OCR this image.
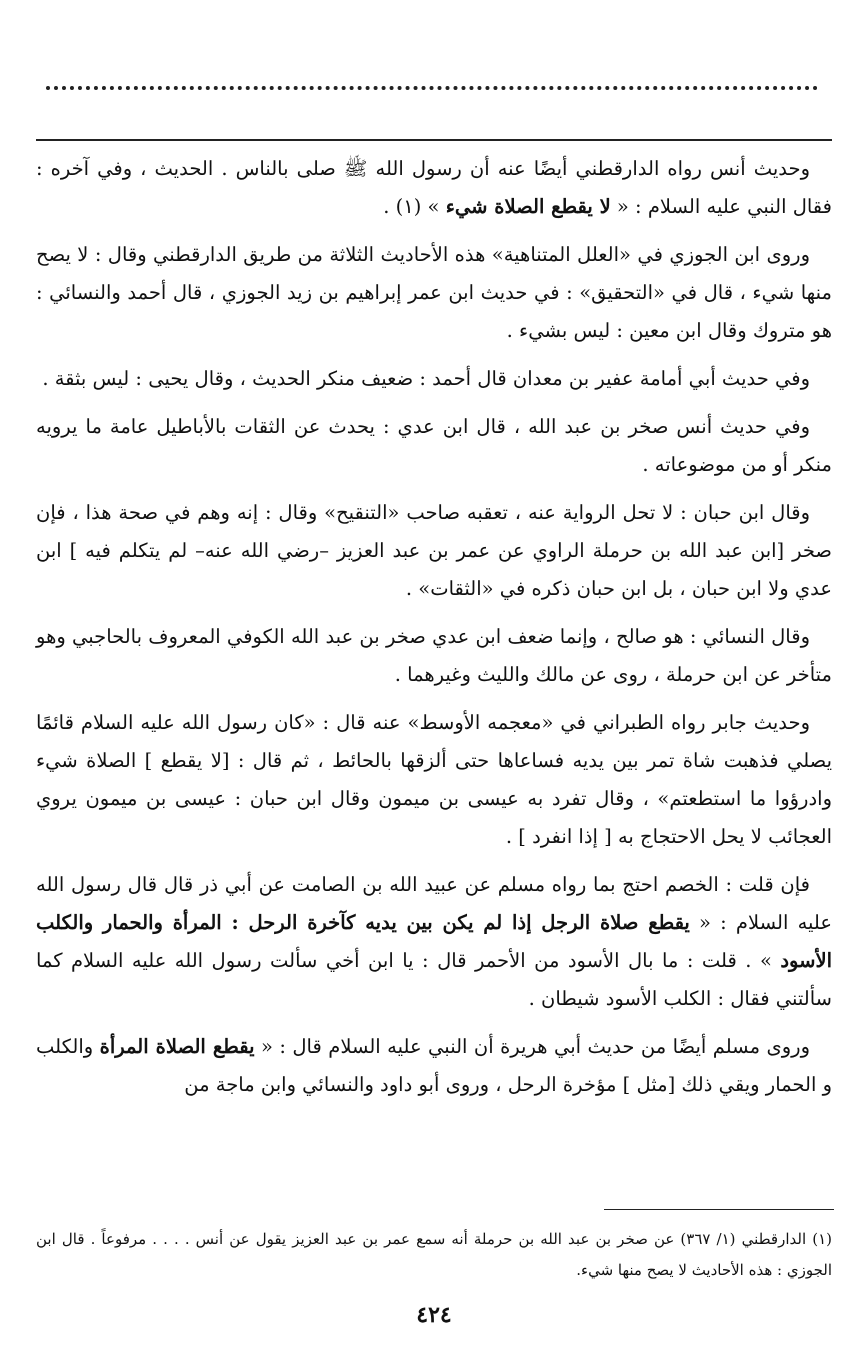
وحديث أنس رواه الدارقطني أيضًا عنه أن رسول الله ﷺ صلى بالناس . الحديث ، وفي آخره : فقال النبي عليه السلام : « لا يقطع الصلاة شيء » (١) .

وروى ابن الجوزي في «العلل المتناهية» هذه الأحاديث الثلاثة من طريق الدارقطني وقال : لا يصح منها شيء ، قال في «التحقيق» : في حديث ابن عمر إبراهيم بن زيد الجوزي ، قال أحمد والنسائي : هو متروك وقال ابن معين : ليس بشيء .

وفي حديث أبي أمامة عفير بن معدان قال أحمد : ضعيف منكر الحديث ، وقال يحيى : ليس بثقة .

وفي حديث أنس صخر بن عبد الله ، قال ابن عدي : يحدث عن الثقات بالأباطيل عامة ما يرويه منكر أو من موضوعاته .

وقال ابن حبان : لا تحل الرواية عنه ، تعقبه صاحب «التنقيح» وقال : إنه وهم في صحة هذا ، فإن صخر [ابن عبد الله بن حرملة الراوي عن عمر بن عبد العزيز –رضي الله عنه– لم يتكلم فيه ] ابن عدي ولا ابن حبان ، بل ابن حبان ذكره في «الثقات» .

وقال النسائي : هو صالح ، وإنما ضعف ابن عدي صخر بن عبد الله الكوفي المعروف بالحاجبي وهو متأخر عن ابن حرملة ، روى عن مالك والليث وغيرهما .

وحديث جابر رواه الطبراني في «معجمه الأوسط» عنه قال : «كان رسول الله عليه السلام قائمًا يصلي فذهبت شاة تمر بين يديه فساعاها حتى ألزقها بالحائط ، ثم قال : [لا يقطع ] الصلاة شيء وادرؤوا ما استطعتم» ، وقال تفرد به عيسى بن ميمون وقال ابن حبان : عيسى بن ميمون يروي العجائب لا يحل الاحتجاج به [ إذا انفرد ] .

فإن قلت : الخصم احتج بما رواه مسلم عن عبيد الله بن الصامت عن أبي ذر قال قال رسول الله عليه السلام : « يقطع صلاة الرجل إذا لم يكن بين يديه كآخرة الرحل : المرأة والحمار والكلب الأسود » . قلت : ما بال الأسود من الأحمر قال : يا ابن أخي سألت رسول الله عليه السلام كما سألتني فقال : الكلب الأسود شيطان .

وروى مسلم أيضًا من حديث أبي هريرة أن النبي عليه السلام قال : « يقطع الصلاة المرأة والكلب و الحمار ويقي ذلك [مثل ] مؤخرة الرحل ، وروى أبو داود والنسائي وابن ماجة من

(١) الدارقطني (١/ ٣٦٧) عن صخر بن عبد الله بن حرملة أنه سمع عمر بن عبد العزيز يقول عن أنس . . . . مرفوعاً . قال ابن الجوزي : هذه الأحاديث لا يصح منها شيء.
٤٢٤
